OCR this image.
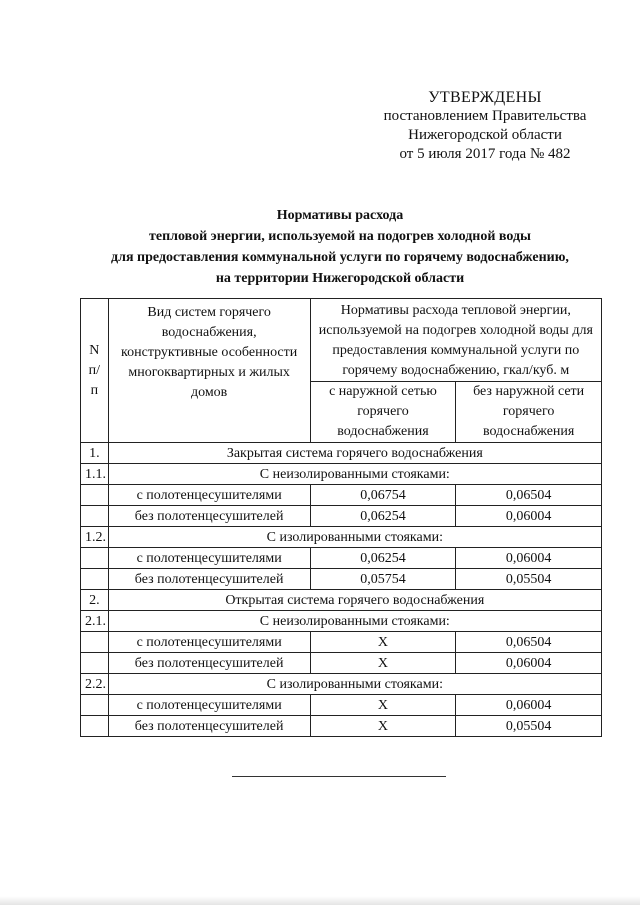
УТВЕРЖДЕНЫ
постановлением Правительства
Нижегородской области
от 5 июля 2017 года № 482
Нормативы расхода
тепловой энергии, используемой на подогрев холодной воды
для предоставления коммунальной услуги по горячему водоснабжению,
на территории Нижегородской области
N п/п	Вид систем горячего водоснабжения, конструктивные особенности многоквартирных и жилых домов	Нормативы расхода тепловой энергии, используемой на подогрев холодной воды для предоставления коммунальной услуги по горячему водоснабжению, гкал/куб. м	
		с наружной сетью горячего водоснабжения	без наружной сети горячего водоснабжения
1.	Закрытая система горячего водоснабжения		
1.1.	С неизолированными стояками:		
	с полотенцесушителями	0,06754	0,06504
	без полотенцесушителей	0,06254	0,06004
1.2.	С изолированными стояками:		
	с полотенцесушителями	0,06254	0,06004
	без полотенцесушителей	0,05754	0,05504
2.	Открытая система горячего водоснабжения		
2.1.	С неизолированными стояками:		
	с полотенцесушителями	Х	0,06504
	без полотенцесушителей	Х	0,06004
2.2.	С изолированными стояками:		
	с полотенцесушителями	Х	0,06004
	без полотенцесушителей	Х	0,05504
